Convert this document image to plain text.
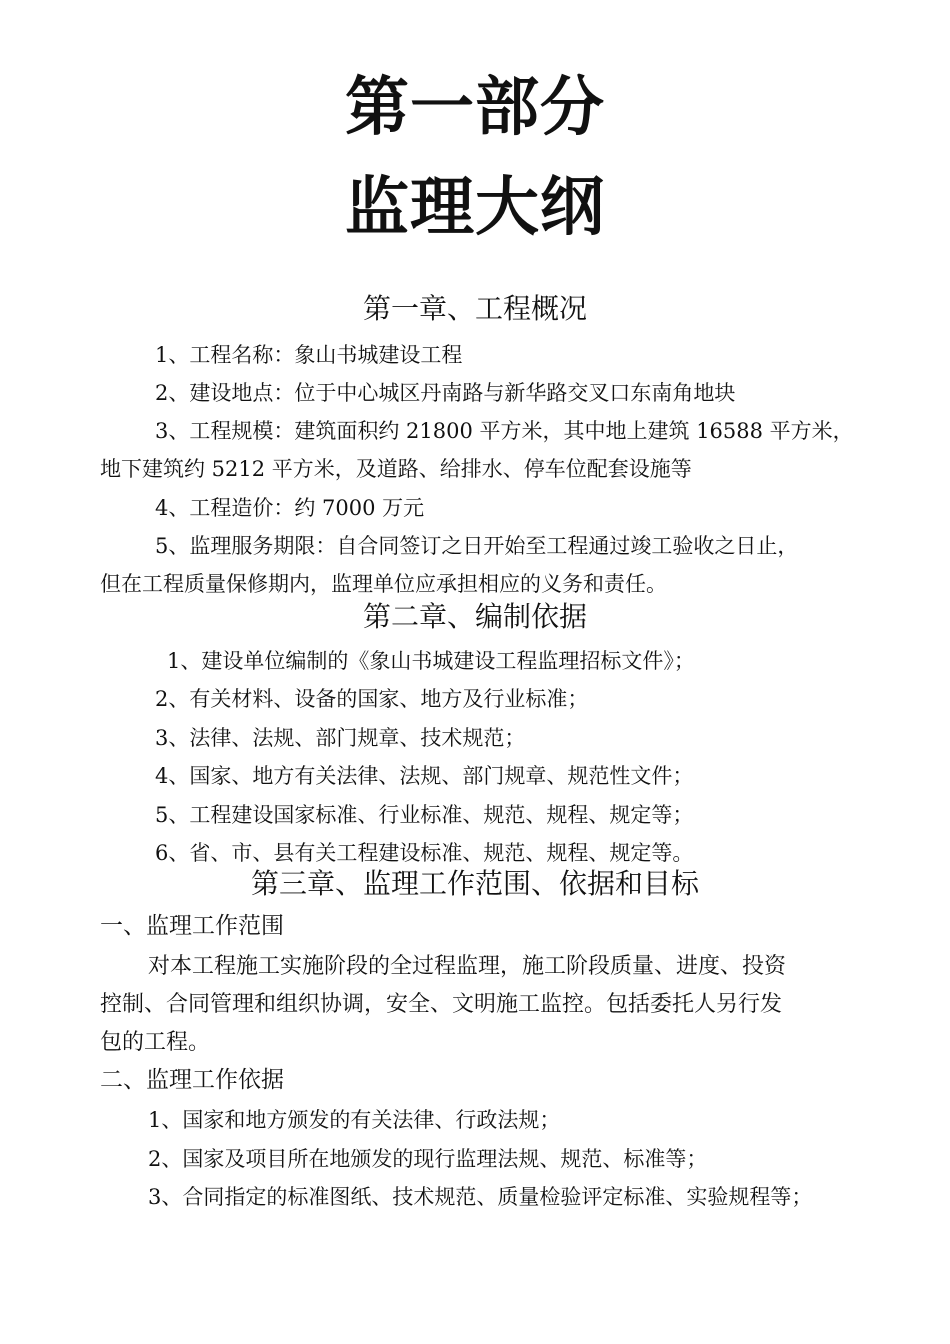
第一部分
监理大纲
第一章、工程概况
1、工程名称：象山书城建设工程
2、建设地点：位于中心城区丹南路与新华路交叉口东南角地块
3、工程规模：建筑面积约 21800 平方米，其中地上建筑 16588 平方米，
地下建筑约 5212 平方米，及道路、给排水、停车位配套设施等
4、工程造价：约 7000 万元
5、监理服务期限：自合同签订之日开始至工程通过竣工验收之日止，
但在工程质量保修期内，监理单位应承担相应的义务和责任。
第二章、编制依据
1、建设单位编制的《象山书城建设工程监理招标文件》；
2、有关材料、设备的国家、地方及行业标准；
3、法律、法规、部门规章、技术规范；
4、国家、地方有关法律、法规、部门规章、规范性文件；
5、工程建设国家标准、行业标准、规范、规程、规定等；
6、省、市、县有关工程建设标准、规范、规程、规定等。
第三章、监理工作范围、依据和目标
一、监理工作范围
对本工程施工实施阶段的全过程监理，施工阶段质量、进度、投资
控制、合同管理和组织协调，安全、文明施工监控。包括委托人另行发
包的工程。
二、监理工作依据
1、国家和地方颁发的有关法律、行政法规；
2、国家及项目所在地颁发的现行监理法规、规范、标准等；
3、合同指定的标准图纸、技术规范、质量检验评定标准、实验规程等；
